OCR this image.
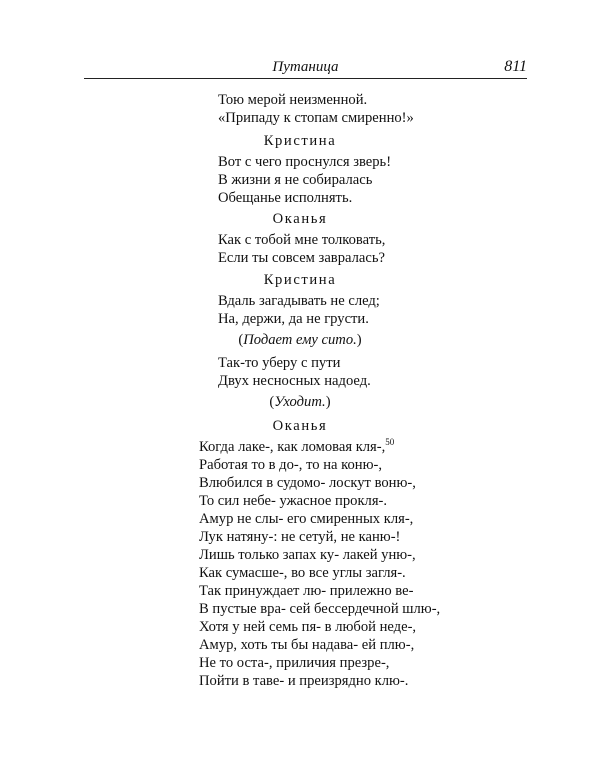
Путаница	811
Тою мерой неизменной.
«Припаду к стопам смиренно!»
Кристина
Вот с чего проснулся зверь!
В жизни я не собиралась
Обещанье исполнять.
Оканья
Как с тобой мне толковать,
Если ты совсем завралась?
Кристина
Вдаль загадывать не след;
На, держи, да не грусти.
(Подает ему сито.)
Так-то уберу с пути
Двух несносных надоед.
(Уходит.)
Оканья
Когда лаке-, как ломовая кля-,$^{50}$
Работая то в до-, то на коню-,
Влюбился в судомо- лоскут воню-,
То сил небе- ужасное прокля-.
Амур не слы- его смиренных кля-,
Лук натяну-: не сетуй, не каню-!
Лишь только запах ку- лакей уню-,
Как сумасше-, во все углы загля-.
Так принуждает лю- прилежно ве-
В пустые вра- сей бессердечной шлю-,
Хотя у ней семь пя- в любой неде-,
Амур, хоть ты бы надава- ей плю-,
Не то оста-, приличия презре-,
Пойти в таве- и преизрядно клю-.
